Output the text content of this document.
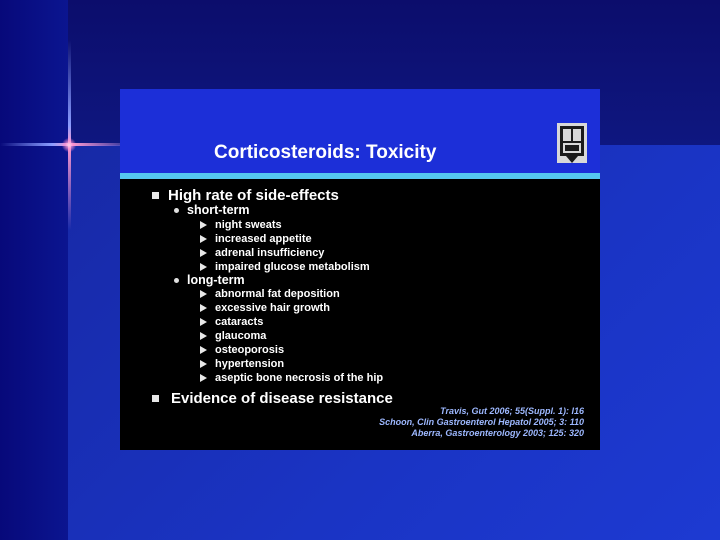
Corticosteroids: Toxicity
High rate of side-effects
short-term
night sweats
increased appetite
adrenal insufficiency
impaired glucose metabolism
long-term
abnormal fat deposition
excessive hair growth
cataracts
glaucoma
osteoporosis
hypertension
aseptic bone necrosis of the hip
Evidence of disease resistance
Travis, Gut 2006; 55(Suppl. 1): I16
Schoon, Clin Gastroenterol Hepatol 2005; 3: 110
Aberra, Gastroenterology 2003; 125: 320
